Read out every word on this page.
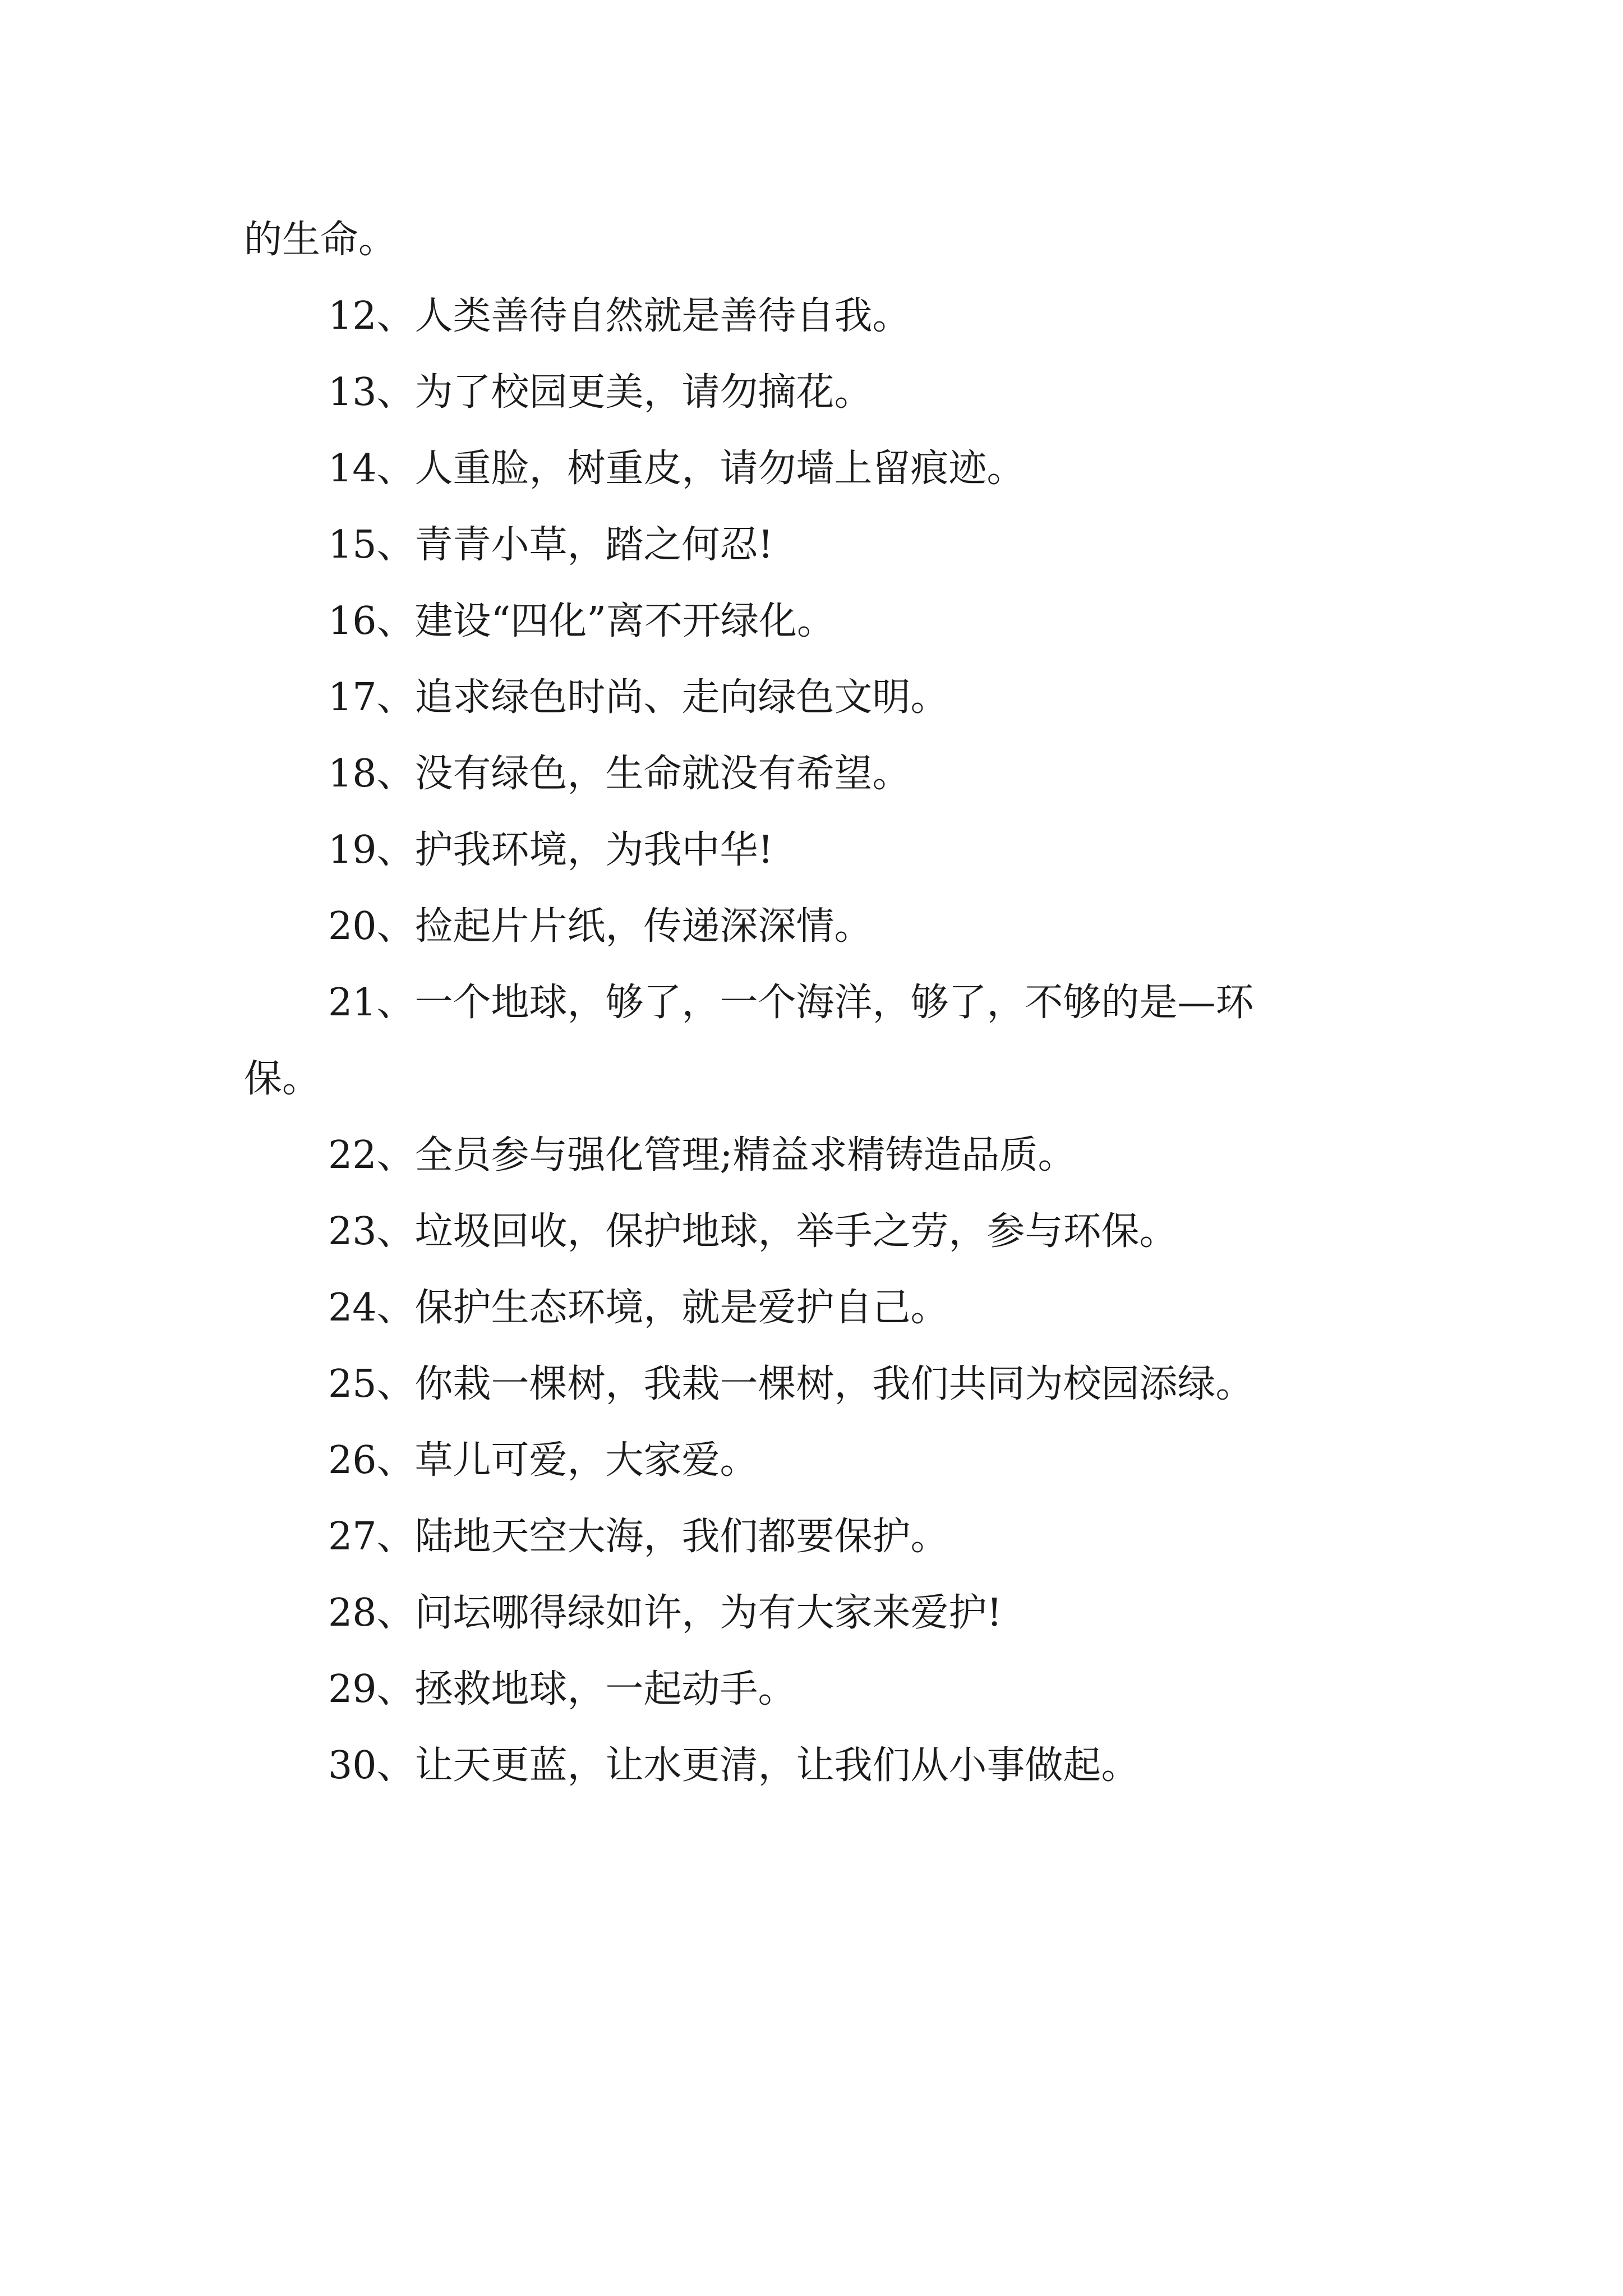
的生命。
12、人类善待自然就是善待自我。
13、为了校园更美，请勿摘花。
14、人重脸，树重皮，请勿墙上留痕迹。
15、青青小草，踏之何忍!
16、建设“四化”离不开绿化。
17、追求绿色时尚、走向绿色文明。
18、没有绿色，生命就没有希望。
19、护我环境，为我中华!
20、捡起片片纸，传递深深情。
21、一个地球，够了，一个海洋，够了，不够的是—环
保。
22、全员参与强化管理;精益求精铸造品质。
23、垃圾回收，保护地球，举手之劳，参与环保。
24、保护生态环境，就是爱护自己。
25、你栽一棵树，我栽一棵树，我们共同为校园添绿。
26、草儿可爱，大家爱。
27、陆地天空大海，我们都要保护。
28、问坛哪得绿如许，为有大家来爱护!
29、拯救地球，一起动手。
30、让天更蓝，让水更清，让我们从小事做起。
